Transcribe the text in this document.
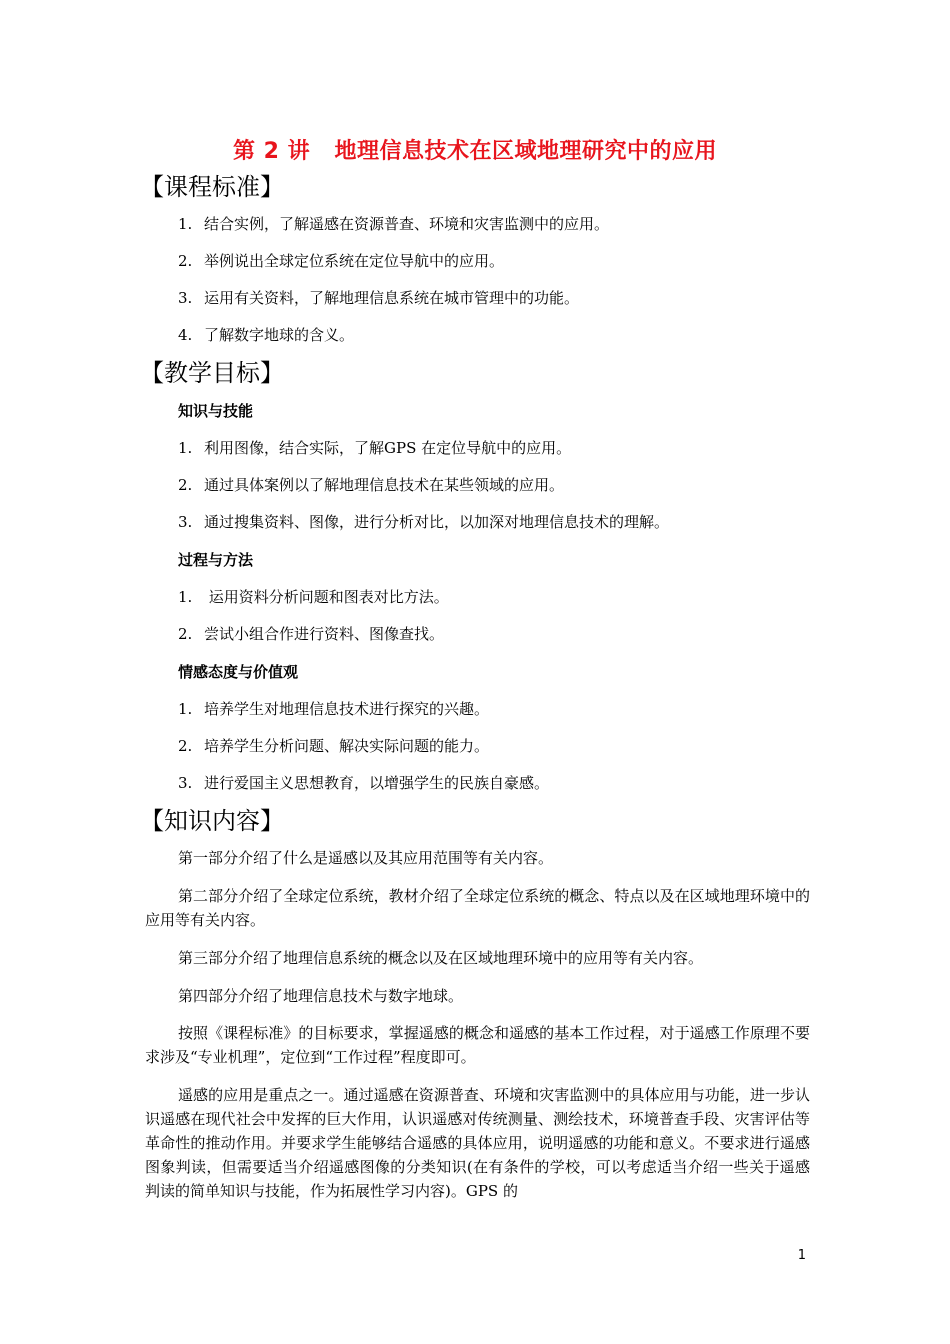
第 2 讲   地理信息技术在区域地理研究中的应用
【课程标准】
1. 结合实例，了解遥感在资源普查、环境和灾害监测中的应用。
2. 举例说出全球定位系统在定位导航中的应用。
3. 运用有关资料，了解地理信息系统在城市管理中的功能。
4. 了解数字地球的含义。
【教学目标】
知识与技能
1. 利用图像，结合实际，了解GPS 在定位导航中的应用。
2. 通过具体案例以了解地理信息技术在某些领域的应用。
3. 通过搜集资料、图像，进行分析对比，以加深对地理信息技术的理解。
过程与方法
1. 运用资料分析问题和图表对比方法。
2. 尝试小组合作进行资料、图像查找。
情感态度与价值观
1. 培养学生对地理信息技术进行探究的兴趣。
2. 培养学生分析问题、解决实际问题的能力。
3. 进行爱国主义思想教育，以增强学生的民族自豪感。
【知识内容】
第一部分介绍了什么是遥感以及其应用范围等有关内容。
第二部分介绍了全球定位系统，教材介绍了全球定位系统的概念、特点以及在区域地理环境中的应用等有关内容。
第三部分介绍了地理信息系统的概念以及在区域地理环境中的应用等有关内容。
第四部分介绍了地理信息技术与数字地球。
按照《课程标准》的目标要求，掌握遥感的概念和遥感的基本工作过程，对于遥感工作原理不要求涉及“专业机理”，定位到“工作过程”程度即可。
遥感的应用是重点之一。通过遥感在资源普查、环境和灾害监测中的具体应用与功能，进一步认识遥感在现代社会中发挥的巨大作用，认识遥感对传统测量、测绘技术，环境普查手段、灾害评估等革命性的推动作用。并要求学生能够结合遥感的具体应用，说明遥感的功能和意义。不要求进行遥感图象判读，但需要适当介绍遥感图像的分类知识(在有条件的学校，可以考虑适当介绍一些关于遥感判读的简单知识与技能，作为拓展性学习内容)。GPS 的
1
